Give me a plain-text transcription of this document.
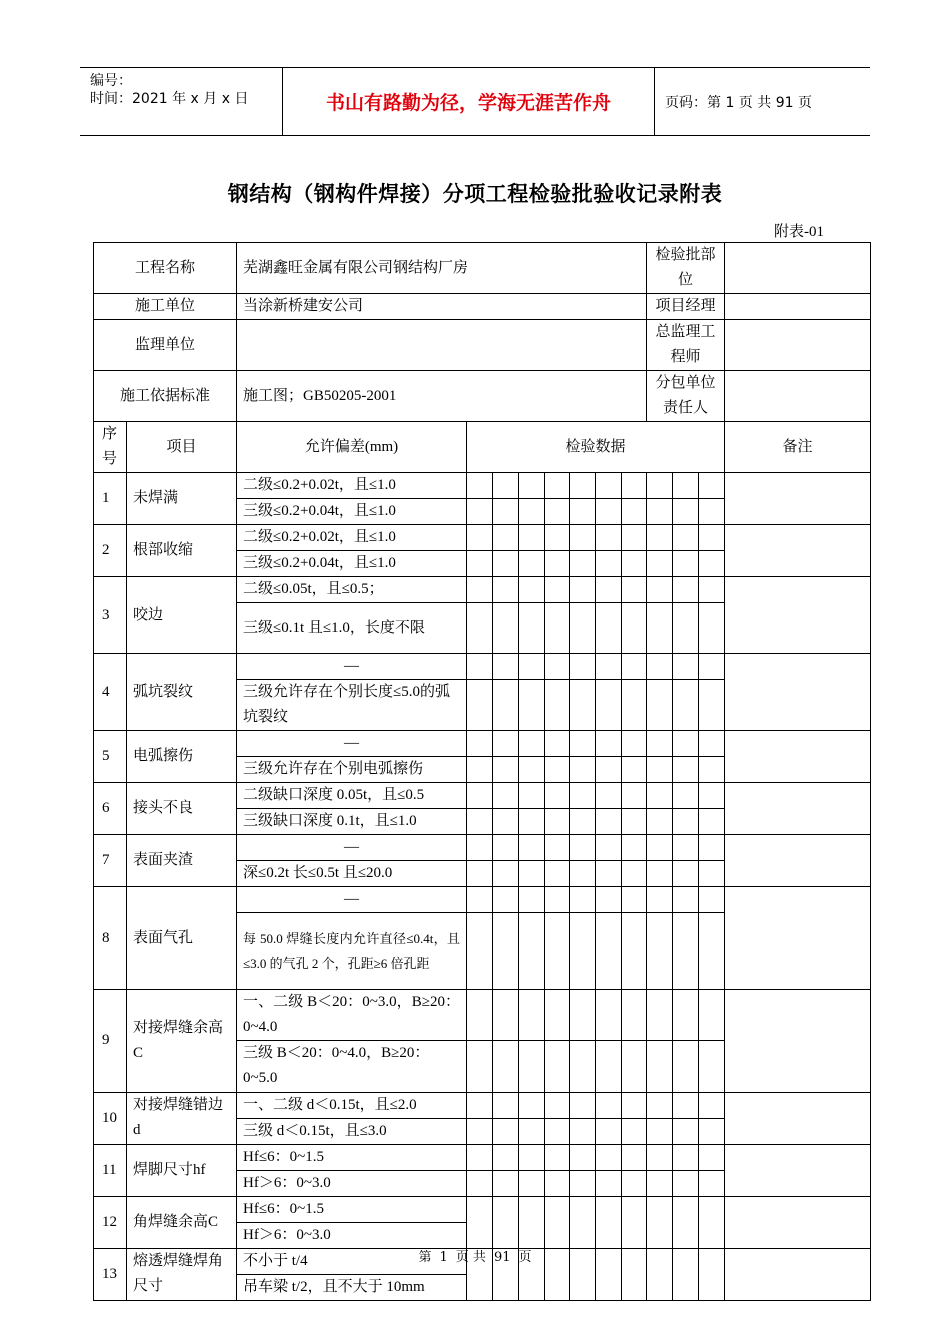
编号：
时间：2021 年 x 月 x 日	书山有路勤为径，学海无涯苦作舟	页码：第 1 页 共 91 页
钢结构（钢构件焊接）分项工程检验批验收记录附表
附表-01
工程名称		芜湖鑫旺金属有限公司钢结构厂房								检验批部位			
施工单位		当涂新桥建安公司								项目经理			
监理单位										总监理工程师			
施工依据标准		施工图；GB50205-2001								分包单位责任人			
序号	项目	允许偏差(mm)	检验数据										备注
1	未焊满	二级≤0.2+0.02t，且≤1.0											
		三级≤0.2+0.04t，且≤1.0											
2	根部收缩	二级≤0.2+0.02t，且≤1.0											
		三级≤0.2+0.04t，且≤1.0											
3	咬边	二级≤0.05t，且≤0.5；											
		三级≤0.1t 且≤1.0，长度不限											
4	弧坑裂纹	—											
		三级允许存在个别长度≤5.0的弧坑裂纹											
5	电弧擦伤	—											
		三级允许存在个别电弧擦伤											
6	接头不良	二级缺口深度 0.05t，且≤0.5											
		三级缺口深度 0.1t，且≤1.0											
7	表面夹渣	—											
		深≤0.2t 长≤0.5t 且≤20.0											
8	表面气孔	—											
		每 50.0 焊缝长度内允许直径≤0.4t，且≤3.0 的气孔 2 个，孔距≥6 倍孔距											
9	对接焊缝余高C	一、二级 B＜20：0~3.0，B≥20：0~4.0											
		三级 B＜20：0~4.0，B≥20：0~5.0											
10	对接焊缝错边d	一、二级 d＜0.15t，且≤2.0											
		三级 d＜0.15t，且≤3.0											
11	焊脚尺寸hf	Hf≤6：0~1.5											
		Hf＞6：0~3.0											
12	角焊缝余高C	Hf≤6：0~1.5											
		Hf＞6：0~3.0											
13	熔透焊缝焊角尺寸	不小于 t/4											
		吊车梁 t/2，且不大于 10mm											
第 1 页 共 91 页
